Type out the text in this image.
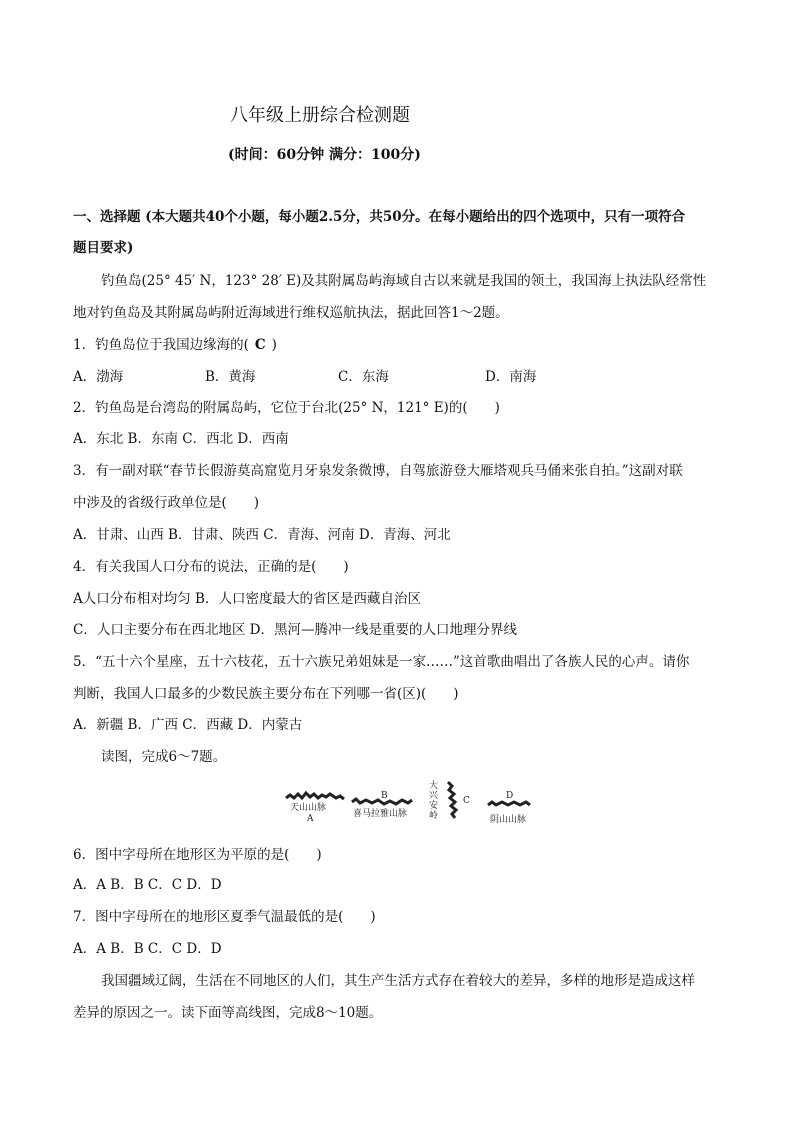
八年级上册综合检测题
(时间：60分钟 满分：100分)
一、选择题 (本大题共40个小题，每小题2.5分，共50分。在每小题给出的四个选项中，只有一项符合
题目要求)
钓鱼岛(25° 45′ N，123° 28′ E)及其附属岛屿海域自古以来就是我国的领土，我国海上执法队经常性
地对钓鱼岛及其附属岛屿附近海域进行维权巡航执法，据此回答1～2题。
1．钓鱼岛位于我国边缘海的( C )
A．渤海	B．黄海	C．东海	D．南海
2．钓鱼岛是台湾岛的附属岛屿，它位于台北(25° N，121° E)的(　　)
A．东北 B．东南 C．西北 D．西南
3．有一副对联“春节长假游莫高窟览月牙泉发条微博，自驾旅游登大雁塔观兵马俑来张自拍。”这副对联
中涉及的省级行政单位是(　　)
A．甘肃、山西 B．甘肃、陕西 C．青海、河南 D．青海、河北
4．有关我国人口分布的说法，正确的是(　　)
A人口分布相对均匀 B．人口密度最大的省区是西藏自治区
C．人口主要分布在西北地区 D．黑河—腾冲一线是重要的人口地理分界线
5．“五十六个星座，五十六枝花，五十六族兄弟姐妹是一家……”这首歌曲唱出了各族人民的心声。请你
判断，我国人口最多的少数民族主要分布在下列哪一省(区)(　　)
A．新疆 B．广西 C．西藏 D．内蒙古
读图，完成6～7题。
天山山脉
A
B
喜马拉雅山脉
大
兴
安
岭
C	D
阴山山脉
6．图中字母所在地形区为平原的是(　　)
A．A B．B C．C D．D
7．图中字母所在的地形区夏季气温最低的是(　　)
A．A B．B C．C D．D
我国疆域辽阔，生活在不同地区的人们，其生产生活方式存在着较大的差异，多样的地形是造成这样
差异的原因之一。读下面等高线图，完成8～10题。
